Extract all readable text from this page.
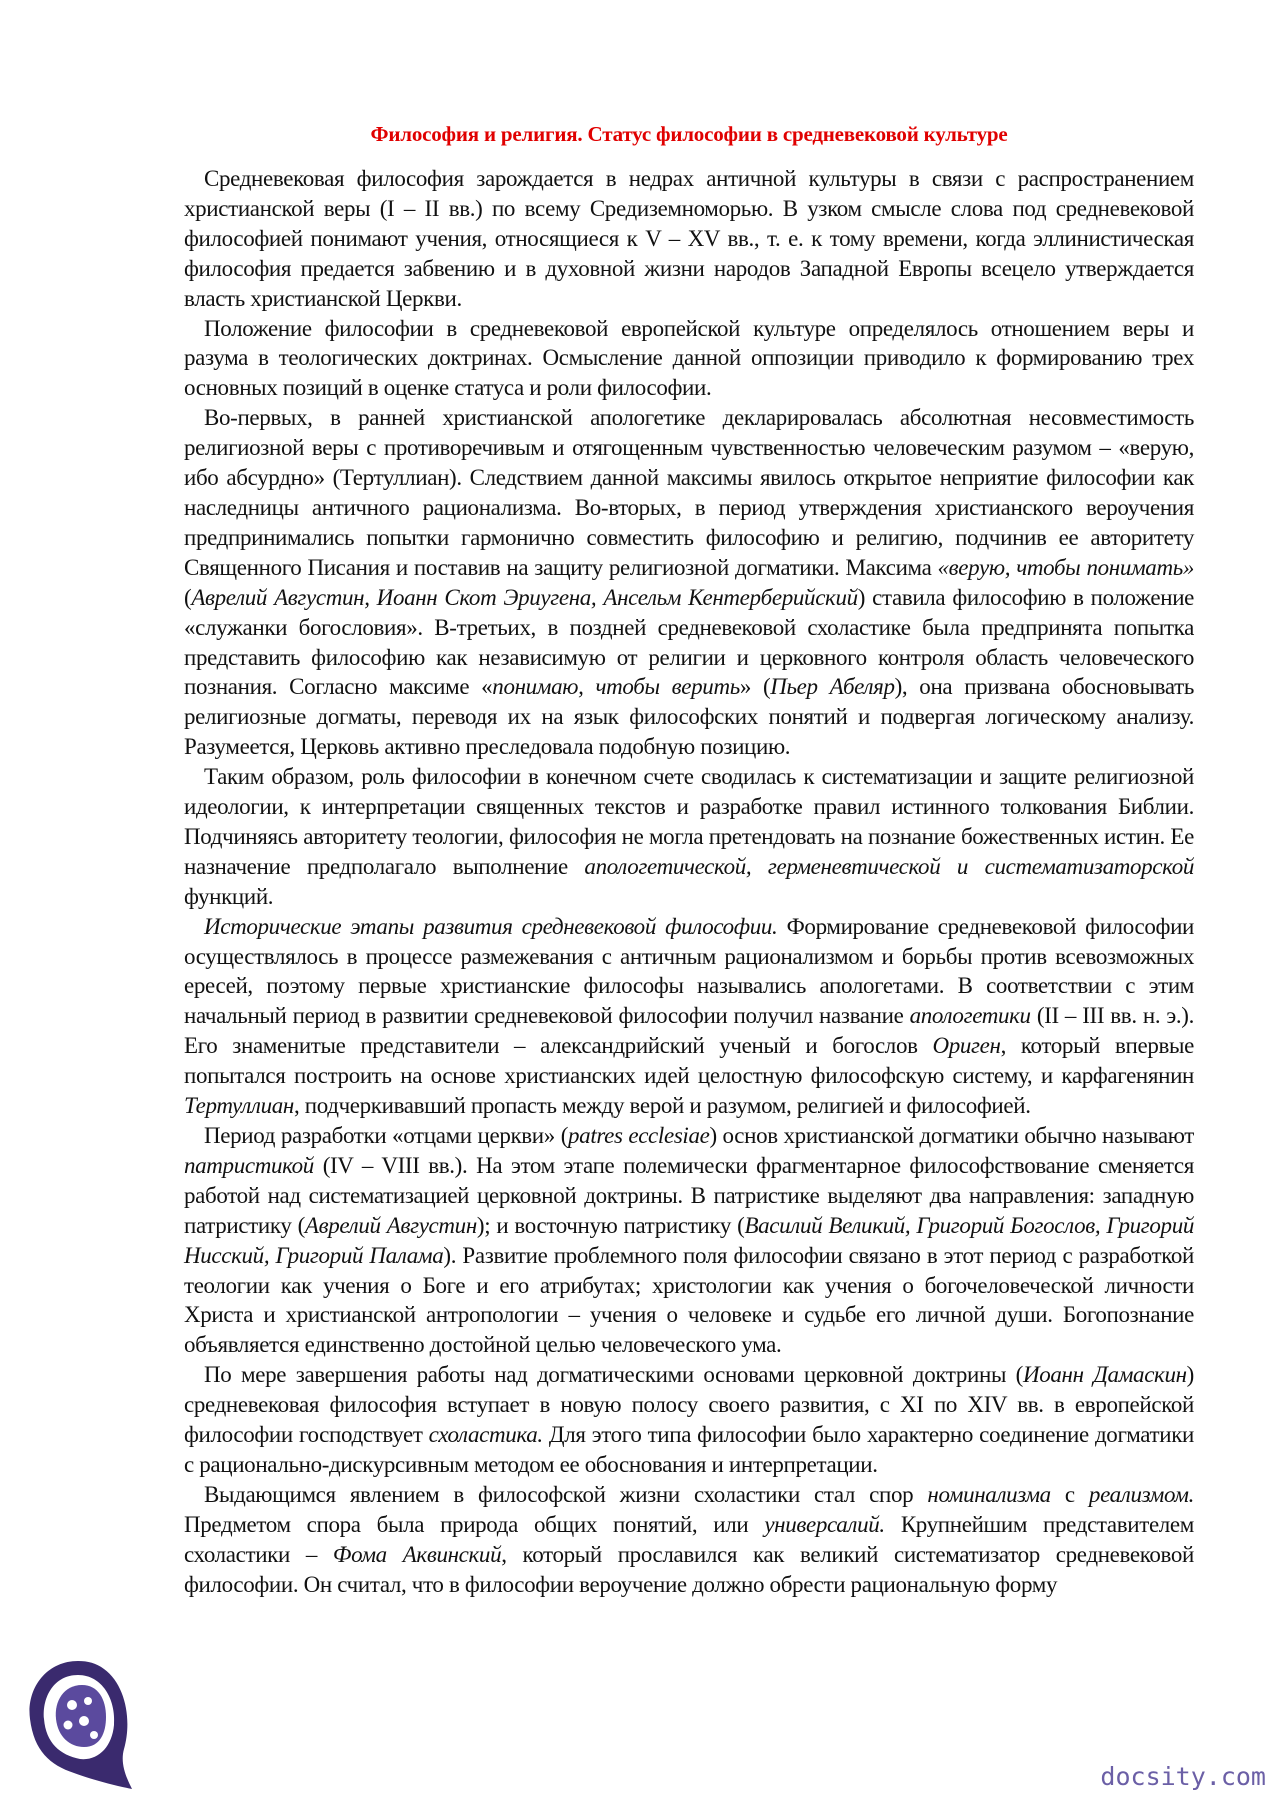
Философия и религия. Статус философии в средневековой культуре

Средневековая философия зарождается в недрах античной культуры в связи с распространением христианской веры (I – II вв.) по всему Средиземноморью. В узком смысле слова под средневековой философией понимают учения, относящиеся к V – XV вв., т. е. к тому времени, когда эллинистическая философия предается забвению и в духовной жизни народов Западной Европы всецело утверждается власть христианской Церкви.

Положение философии в средневековой европейской культуре определялось отношением веры и разума в теологических доктринах. Осмысление данной оппозиции приводило к формированию трех основных позиций в оценке статуса и роли философии.

Во-первых, в ранней христианской апологетике декларировалась абсолютная несовместимость религиозной веры с противоречивым и отягощенным чувственностью человеческим разумом – «верую, ибо абсурдно» (Тертуллиан). Следствием данной максимы явилось открытое неприятие философии как наследницы античного рационализма. Во-вторых, в период утверждения христианского вероучения предпринимались попытки гармонично совместить философию и религию, подчинив ее авторитету Священного Писания и поставив на защиту религиозной догматики. Максима «верую, чтобы понимать» (Аврелий Августин, Иоанн Скот Эриугена, Ансельм Кентерберийский) ставила философию в положение «служанки богословия». В-третьих, в поздней средневековой схоластике была предпринята попытка представить философию как независимую от религии и церковного контроля область человеческого познания. Согласно максиме «понимаю, чтобы верить» (Пьер Абеляр), она призвана обосновывать религиозные догматы, переводя их на язык философских понятий и подвергая логическому анализу. Разумеется, Церковь активно преследовала подобную позицию.

Таким образом, роль философии в конечном счете сводилась к систематизации и защите религиозной идеологии, к интерпретации священных текстов и разработке правил истинного толкования Библии. Подчиняясь авторитету теологии, философия не могла претендовать на познание божественных истин. Ее назначение предполагало выполнение апологетической, герменевтической и систематизаторской функций.

Исторические этапы развития средневековой философии. Формирование средневековой философии осуществлялось в процессе размежевания с античным рационализмом и борьбы против всевозможных ересей, поэтому первые христианские философы назывались апологетами. В соответствии с этим начальный период в развитии средневековой философии получил название апологетики (II – III вв. н. э.). Его знаменитые представители – александрийский ученый и богослов Ориген, который впервые попытался построить на основе христианских идей целостную философскую систему, и карфагенянин Тертуллиан, подчеркивавший пропасть между верой и разумом, религией и философией.

Период разработки «отцами церкви» (patres ecclesiae) основ христианской догматики обычно называют патристикой (IV – VIII вв.). На этом этапе полемически фрагментарное философствование сменяется работой над систематизацией церковной доктрины. В патристике выделяют два направления: западную патристику (Аврелий Августин); и восточную патристику (Василий Великий, Григорий Богослов, Григорий Нисский, Григорий Палама). Развитие проблемного поля философии связано в этот период с разработкой теологии как учения о Боге и его атрибутах; христологии как учения о богочеловеческой личности Христа и христианской антропологии – учения о человеке и судьбе его личной души. Богопознание объявляется единственно достойной целью человеческого ума.

По мере завершения работы над догматическими основами церковной доктрины (Иоанн Дамаскин) средневековая философия вступает в новую полосу своего развития, с XI по XIV вв. в европейской философии господствует схоластика. Для этого типа философии было характерно соединение догматики с рационально-дискурсивным методом ее обоснования и интерпретации.

Выдающимся явлением в философской жизни схоластики стал спор номинализма с реализмом. Предметом спора была природа общих понятий, или универсалий. Крупнейшим представителем схоластики – Фома Аквинский, который прославился как великий систематизатор средневековой философии. Он считал, что в философии вероучение должно обрести рациональную форму

docsity.com
